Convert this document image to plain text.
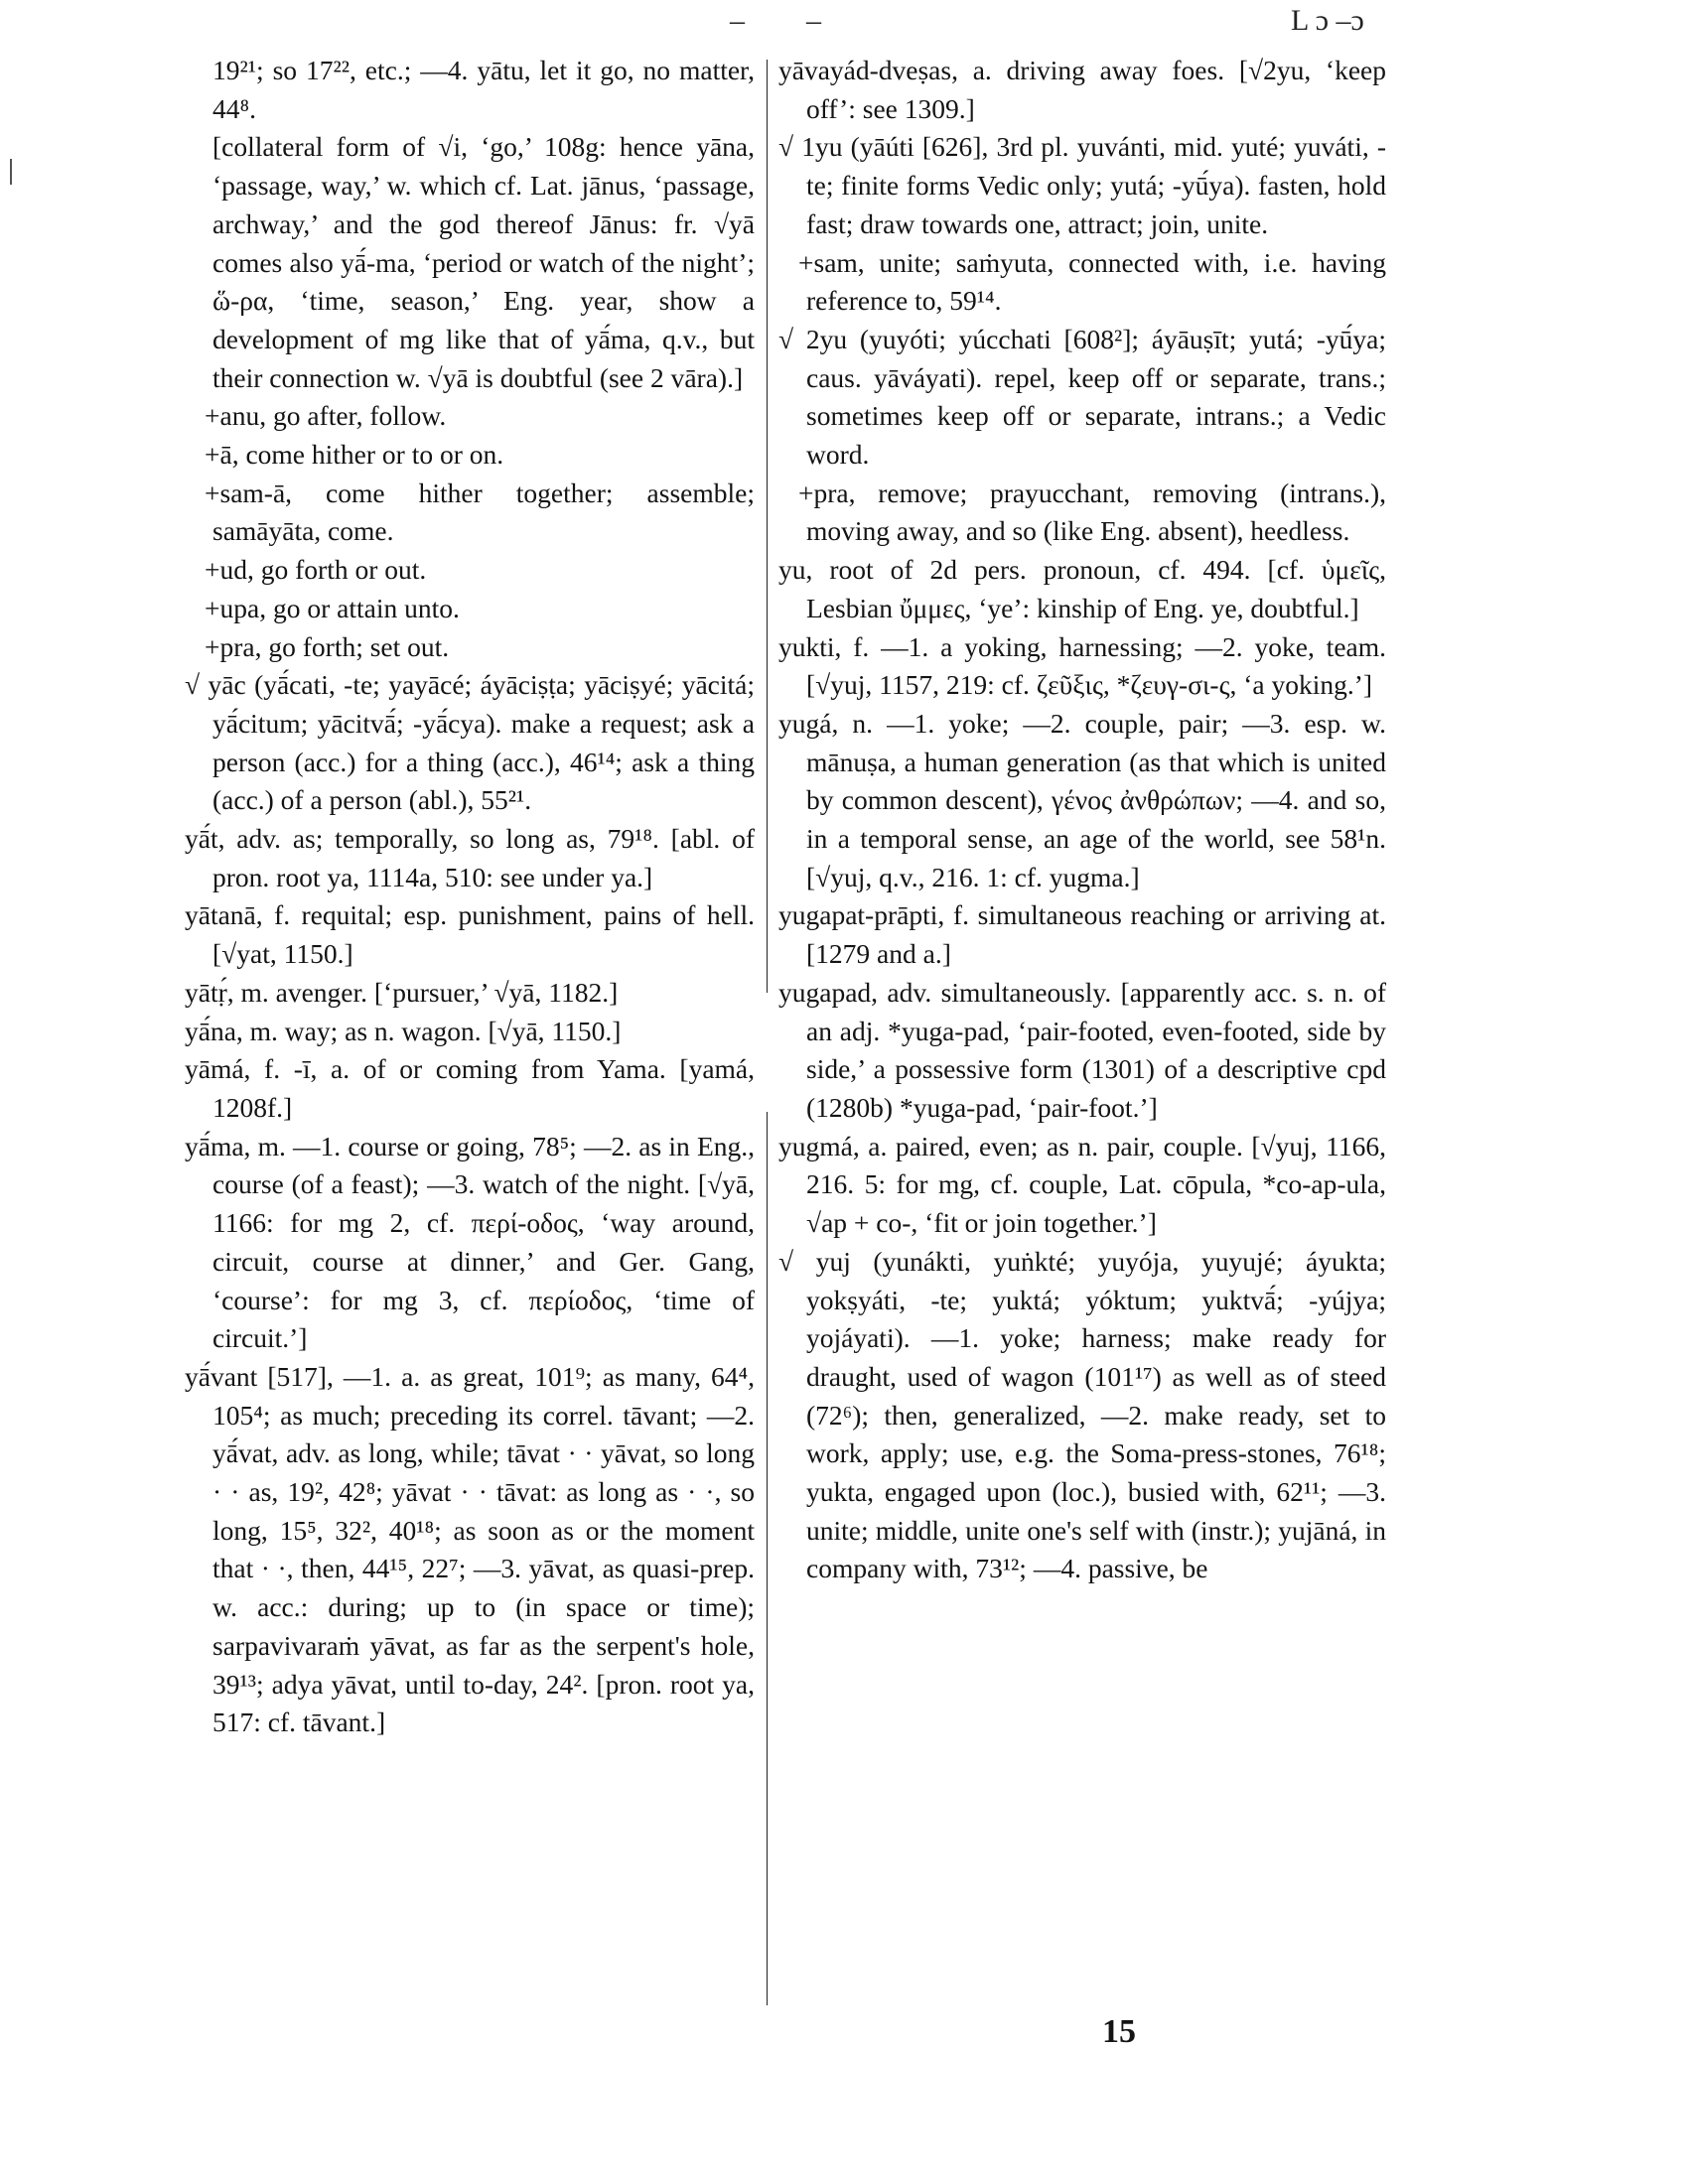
– –	L ɔ –ɔ

19²¹; so 17²², etc.; —4. yātu, let it go, no matter, 44⁸.

[collateral form of √i, ‘go,’ 108g: hence yāna, ‘passage, way,’ w. which cf. Lat. jānus, ‘passage, archway,’ and the god thereof Jānus: fr. √yā comes also yā́-ma, ‘period or watch of the night’; ὥ-ρα, ‘time, season,’ Eng. year, show a development of mg like that of yā́ma, q.v., but their connection w. √yā is doubtful (see 2 vāra).]

+anu, go after, follow.

+ā, come hither or to or on.

+sam-ā, come hither together; assemble; samāyāta, come.

+ud, go forth or out.

+upa, go or attain unto.

+pra, go forth; set out.

√ yāc (yā́cati, -te; yayācé; áyāciṣṭa; yāciṣyé; yācitá; yā́citum; yācitvā́; -yā́cya). make a request; ask a person (acc.) for a thing (acc.), 46¹⁴; ask a thing (acc.) of a person (abl.), 55²¹.

yā́t, adv. as; temporally, so long as, 79¹⁸. [abl. of pron. root ya, 1114a, 510: see under ya.]

yātanā, f. requital; esp. punishment, pains of hell. [√yat, 1150.]

yātṛ́, m. avenger. [‘pursuer,’ √yā, 1182.]

yā́na, m. way; as n. wagon. [√yā, 1150.]

yāmá, f. -ī, a. of or coming from Yama. [yamá, 1208f.]

yā́ma, m. —1. course or going, 78⁵; —2. as in Eng., course (of a feast); —3. watch of the night. [√yā, 1166: for mg 2, cf. περί-οδος, ‘way around, circuit, course at dinner,’ and Ger. Gang, ‘course’: for mg 3, cf. περίοδος, ‘time of circuit.’]

yā́vant [517], —1. a. as great, 101⁹; as many, 64⁴, 105⁴; as much; preceding its correl. tāvant; —2. yā́vat, adv. as long, while; tāvat · · yāvat, so long · · as, 19², 42⁸; yāvat · · tāvat: as long as · ·, so long, 15⁵, 32², 40¹⁸; as soon as or the moment that · ·, then, 44¹⁵, 22⁷; —3. yāvat, as quasi-prep. w. acc.: during; up to (in space or time); sarpavivaraṁ yāvat, as far as the serpent's hole, 39¹³; adya yāvat, until to-day, 24². [pron. root ya, 517: cf. tāvant.]

yāvayád-dveṣas, a. driving away foes. [√2yu, ‘keep off’: see 1309.]

√ 1yu (yāúti [626], 3rd pl. yuvánti, mid. yuté; yuváti, -te; finite forms Vedic only; yutá; -yū́ya). fasten, hold fast; draw towards one, attract; join, unite.

+sam, unite; saṁyuta, connected with, i.e. having reference to, 59¹⁴.

√ 2yu (yuyóti; yúcchati [608²]; áyāuṣīt; yutá; -yū́ya; caus. yāváyati). repel, keep off or separate, trans.; sometimes keep off or separate, intrans.; a Vedic word.

+pra, remove; prayucchant, removing (intrans.), moving away, and so (like Eng. absent), heedless.

yu, root of 2d pers. pronoun, cf. 494. [cf. ὑμεῖς, Lesbian ὔμμες, ‘ye’: kinship of Eng. ye, doubtful.]

yukti, f. —1. a yoking, harnessing; —2. yoke, team. [√yuj, 1157, 219: cf. ζεῦξις, *ζευγ-σι-ς, ‘a yoking.’]

yugá, n. —1. yoke; —2. couple, pair; —3. esp. w. mānuṣa, a human generation (as that which is united by common descent), γένος ἀνθρώπων; —4. and so, in a temporal sense, an age of the world, see 58¹n. [√yuj, q.v., 216. 1: cf. yugma.]

yugapat-prāpti, f. simultaneous reaching or arriving at. [1279 and a.]

yugapad, adv. simultaneously. [apparently acc. s. n. of an adj. *yuga-pad, ‘pair-footed, even-footed, side by side,’ a possessive form (1301) of a descriptive cpd (1280b) *yuga-pad, ‘pair-foot.’]

yugmá, a. paired, even; as n. pair, couple. [√yuj, 1166, 216. 5: for mg, cf. couple, Lat. cōpula, *co-ap-ula, √ap + co-, ‘fit or join together.’]

√ yuj (yunákti, yuṅkté; yuyója, yuyujé; áyukta; yokṣyáti, -te; yuktá; yóktum; yuktvā́; -yújya; yojáyati). —1. yoke; harness; make ready for draught, used of wagon (101¹⁷) as well as of steed (72⁶); then, generalized, —2. make ready, set to work, apply; use, e.g. the Soma-press-stones, 76¹⁸; yukta, engaged upon (loc.), busied with, 62¹¹; —3. unite; middle, unite one's self with (instr.); yujāná, in company with, 73¹²; —4. passive, be

15
